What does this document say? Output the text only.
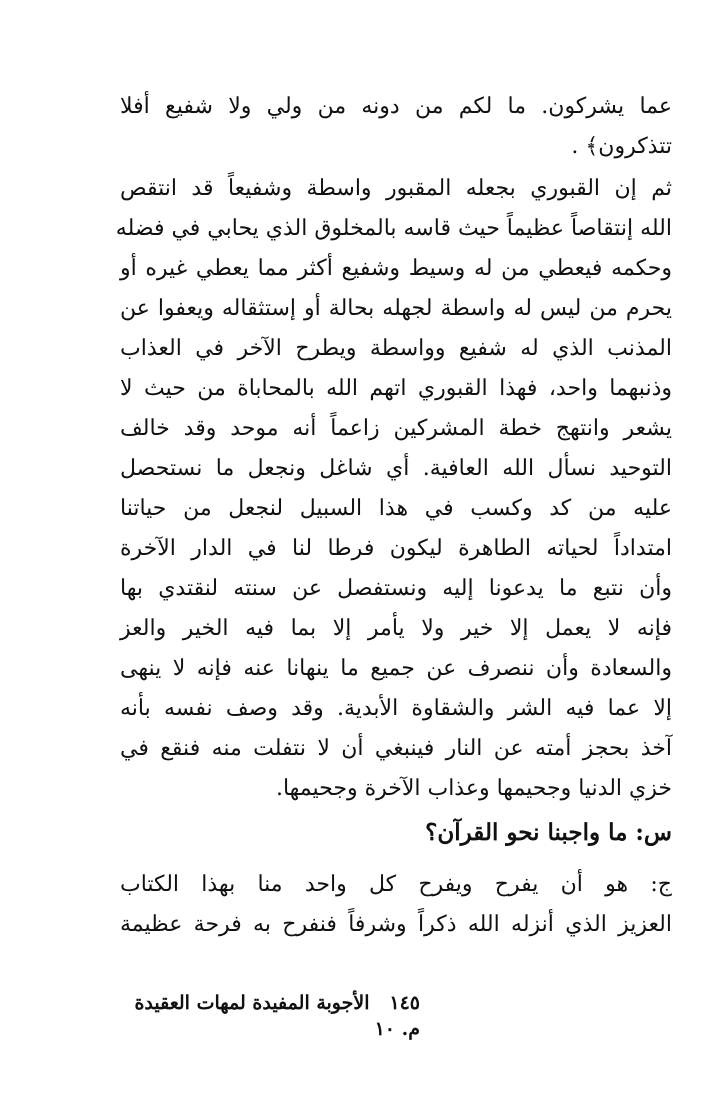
عما يشركون. ما لكم من دونه من ولي ولا شفيع أفلا
تتذكرون﴾ .
ثم إن القبوري بجعله المقبور واسطة وشفيعاً قد انتقص
الله إنتقاصاً عظيماً حيث قاسه بالمخلوق الذي يحابي في فضله
وحكمه فيعطي من له وسيط وشفيع أكثر مما يعطي غيره أو
يحرم من ليس له واسطة لجهله بحالة أو إستثقاله ويعفوا عن
المذنب الذي له شفيع وواسطة ويطرح الآخر في العذاب
وذنبهما واحد، فهذا القبوري اتهم الله بالمحاباة من حيث لا
يشعر وانتهج خطة المشركين زاعماً أنه موحد وقد خالف
التوحيد نسأل الله العافية. أي شاغل ونجعل ما نستحصل
عليه من كد وكسب في هذا السبيل لنجعل من حياتنا
امتداداً لحياته الطاهرة ليكون فرطا لنا في الدار الآخرة
وأن نتبع ما يدعونا إليه ونستفصل عن سنته لنقتدي بها
فإنه لا يعمل إلا خير ولا يأمر إلا بما فيه الخير والعز
والسعادة وأن ننصرف عن جميع ما ينهانا عنه فإنه لا ينهى
إلا عما فيه الشر والشقاوة الأبدية. وقد وصف نفسه بأنه
آخذ بحجز أمته عن النار فينبغي أن لا نتفلت منه فنقع في
خزي الدنيا وجحيمها وعذاب الآخرة وجحيمها.
س: ما واجبنا نحو القرآن؟
ج: هو أن يفرح ويفرح كل واحد منا بهذا الكتاب
العزيز الذي أنزله الله ذكراً وشرفاً فنفرح به فرحة عظيمة
١٤٥   الأجوبة المفيدة لمهات العقيدة م. ١٠
